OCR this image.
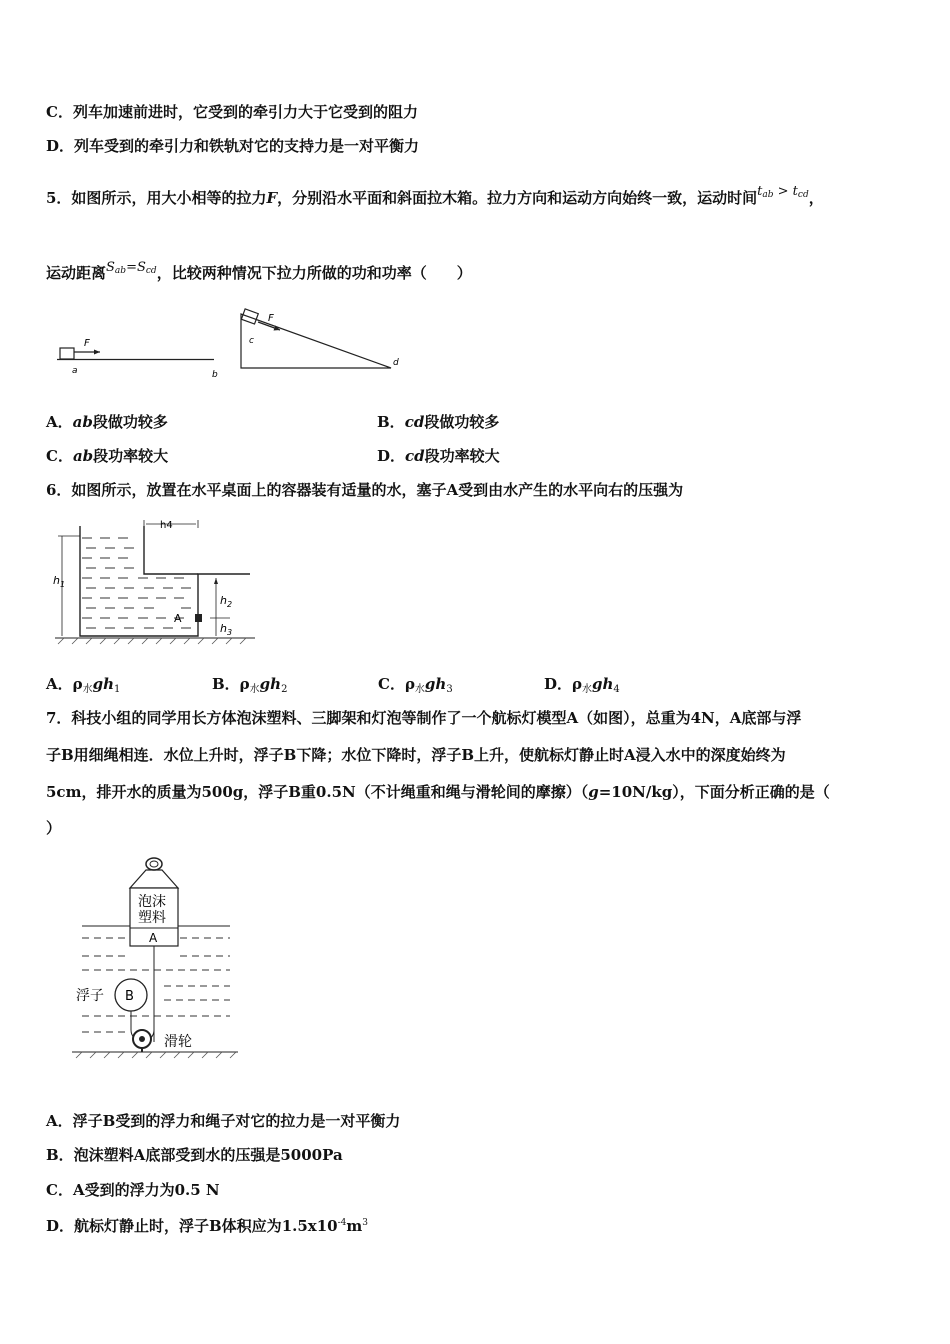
C．列车加速前进时，它受到的牵引力大于它受到的阻力
D．列车受到的牵引力和铁轨对它的支持力是一对平衡力
5．如图所示，用大小相等的拉力F，分别沿水平面和斜面拉木箱。拉力方向和运动方向始终一致，运动时间tab > tcd，
运动距离Sab=Scd，比较两种情况下拉力所做的功和功率（　　）
F
a	b
F
c
d
A．ab段做功较多	B．cd段做功较多
C．ab段功率较大	D．cd段功率较大
6．如图所示，放置在水平桌面上的容器装有适量的水，塞子A受到由水产生的水平向右的压强为
h4
$h_1$
A
$h_2$
$h_3$
A．$\rho_水gh_1$	B．$\rho_水gh_2$	C．$\rho_水gh_3$	D．$\rho_水gh_4$
7．科技小组的同学用长方体泡沫塑料、三脚架和灯泡等制作了一个航标灯模型A（如图），总重为4N，A底部与浮
子B用细绳相连．水位上升时，浮子B下降；水位下降时，浮子B上升，使航标灯静止时A浸入水中的深度始终为
5cm，排开水的质量为500g，浮子B重0.5N（不计绳重和绳与滑轮间的摩擦）（g=10N/kg），下面分析正确的是（
）
泡沫
塑料
A
B
浮子
滑轮
A．浮子B受到的浮力和绳子对它的拉力是一对平衡力
B．泡沫塑料A底部受到水的压强是5000Pa
C．A受到的浮力为0.5 N
D．航标灯静止时，浮子B体积应为$1.5x10^{-4}m^3$
